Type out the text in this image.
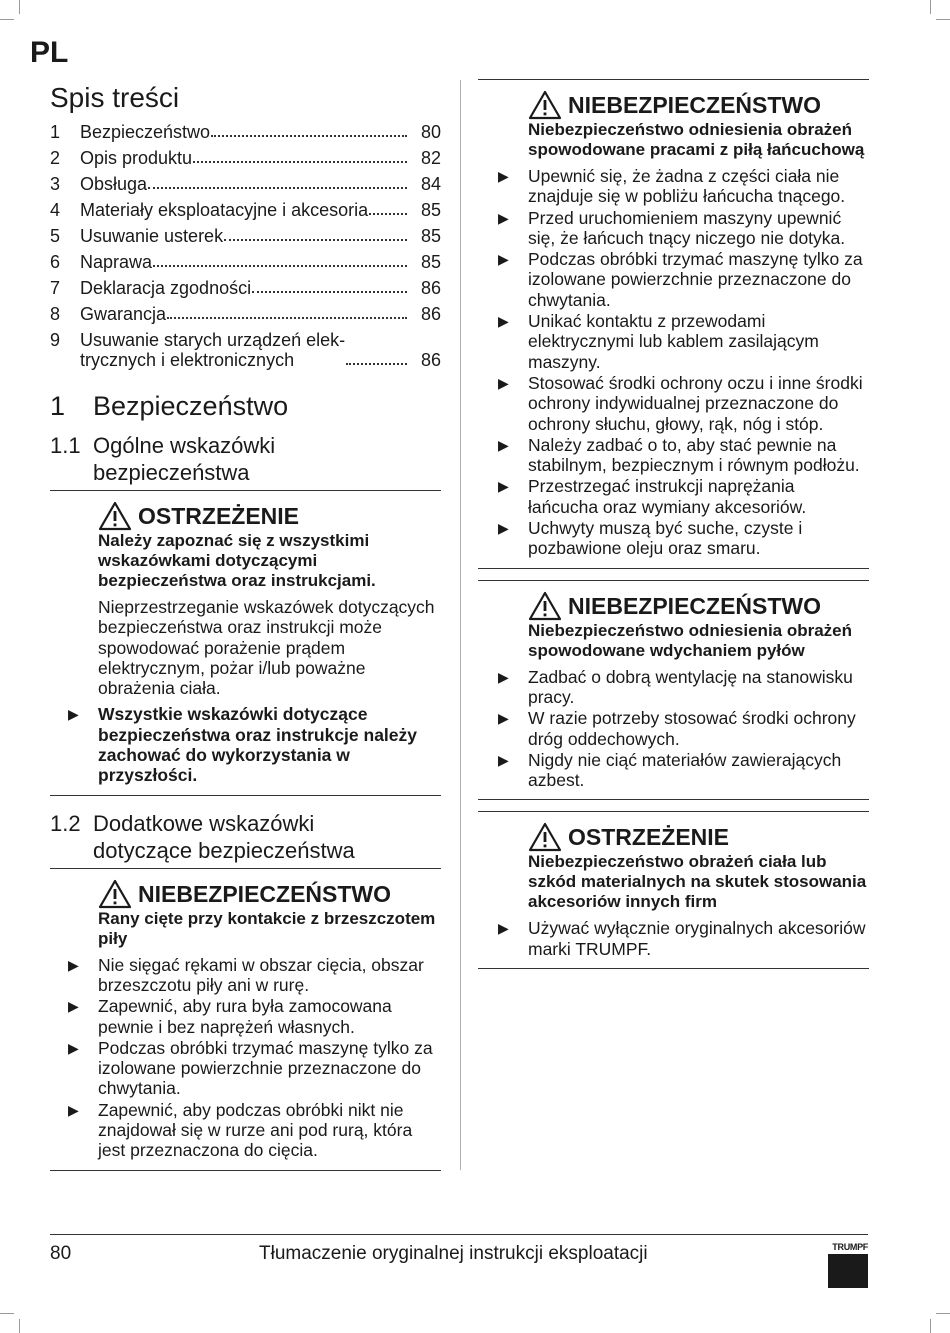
PL
Spis treści
1	Bezpieczeństwo	80
2	Opis produktu	82
3	Obsługa	84
4	Materiały eksploatacyjne i akcesoria	85
5	Usuwanie usterek	85
6	Naprawa	85
7	Deklaracja zgodności	86
8	Gwarancja	86
9	Usuwanie starych urządzeń elek-
trycznych i elektronicznych	86
1	Bezpieczeństwo
1.1 Ogólne wskazówki
bezpieczeństwa
OSTRZEŻENIE
Należy zapoznać się z wszystkimi wskazówkami dotyczącymi bezpieczeństwa oraz instrukcjami.
Nieprzestrzeganie wskazówek dotyczących bezpieczeństwa oraz instrukcji może spowodować porażenie prądem elektrycznym, pożar i/lub poważne obrażenia ciała.
▶	Wszystkie wskazówki dotyczące bezpieczeństwa oraz instrukcje należy zachować do wykorzystania w przyszłości.
1.2 Dodatkowe wskazówki
dotyczące bezpieczeństwa
NIEBEZPIECZEŃSTWO
Rany cięte przy kontakcie z brzeszczotem piły
▶	Nie sięgać rękami w obszar cięcia, obszar brzeszczotu piły ani w rurę.
▶	Zapewnić, aby rura była zamocowana pewnie i bez naprężeń własnych.
▶	Podczas obróbki trzymać maszynę tylko za izolowane powierzchnie przeznaczone do chwytania.
▶	Zapewnić, aby podczas obróbki nikt nie znajdował się w rurze ani pod rurą, która jest przeznaczona do cięcia.
NIEBEZPIECZEŃSTWO
Niebezpieczeństwo odniesienia obrażeń spowodowane pracami z piłą łańcuchową
▶	Upewnić się, że żadna z części ciała nie znajduje się w pobliżu łańcucha tnącego.
▶	Przed uruchomieniem maszyny upewnić się, że łańcuch tnący niczego nie dotyka.
▶	Podczas obróbki trzymać maszynę tylko za izolowane powierzchnie przeznaczone do chwytania.
▶	Unikać kontaktu z przewodami elektrycznymi lub kablem zasilającym maszyny.
▶	Stosować środki ochrony oczu i inne środki ochrony indywidualnej przeznaczone do ochrony słuchu, głowy, rąk, nóg i stóp.
▶	Należy zadbać o to, aby stać pewnie na stabilnym, bezpiecznym i równym podłożu.
▶	Przestrzegać instrukcji naprężania łańcucha oraz wymiany akcesoriów.
▶	Uchwyty muszą być suche, czyste i pozbawione oleju oraz smaru.
NIEBEZPIECZEŃSTWO
Niebezpieczeństwo odniesienia obrażeń spowodowane wdychaniem pyłów
▶	Zadbać o dobrą wentylację na stanowisku pracy.
▶	W razie potrzeby stosować środki ochrony dróg oddechowych.
▶	Nigdy nie ciąć materiałów zawierających azbest.
OSTRZEŻENIE
Niebezpieczeństwo obrażeń ciała lub szkód materialnych na skutek stosowania akcesoriów innych firm
▶	Używać wyłącznie oryginalnych akcesoriów marki TRUMPF.
80	Tłumaczenie oryginalnej instrukcji eksploatacji	TRUMPF
